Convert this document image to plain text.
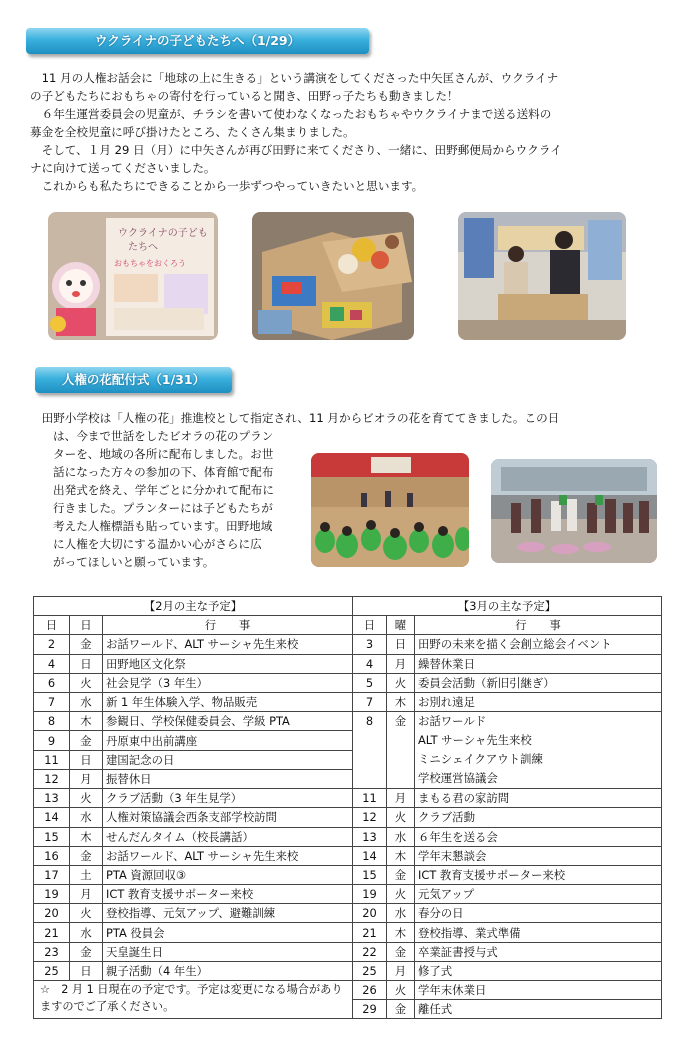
ウクライナの子どもたちへ（1/29）
　11 月の人権お話会に「地球の上に生きる」という講演をしてくださった中矢匡さんが、ウクライナ
の子どもたちにおもちゃの寄付を行っていると聞き、田野っ子たちも動きました！
　６年生運営委員会の児童が、チラシを書いて使わなくなったおもちゃやウクライナまで送る送料の
募金を全校児童に呼び掛けたところ、たくさん集まりました。
　そして、１月 29 日（月）に中矢さんが再び田野に来てくださり、一緒に、田野郵便局からウクライ
ナに向けて送ってくださいました。
　これからも私たちにできることから一歩ずつやっていきたいと思います。
ウクライナの子ども
たちへ
おもちゃをおくろう
人権の花配付式（1/31）
　田野小学校は「人権の花」推進校として指定され、11 月からビオラの花を育ててきました。この日
は、今まで世話をしたビオラの花のプラン
ターを、地域の各所に配布しました。お世
話になった方々の参加の下、体育館で配布
出発式を終え、学年ごとに分かれて配布に
行きました。プランターには子どもたちが
考えた人権標語も貼っています。田野地域
に人権を大切にする温かい心がさらに広
がってほしいと願っています。
【2月の主な予定】			【3月の主な予定】		
日	日	行　　事	日	曜	行　　事
2	金	お話ワールド、ALT サーシャ先生来校	3	日	田野の未来を描く会創立総会イベント
4	日	田野地区文化祭	4	月	繰替休業日
6	火	社会見学（3 年生）	5	火	委員会活動（新旧引継ぎ）
7	水	新 1 年生体験入学、物品販売	7	木	お別れ遠足
8	木	参観日、学校保健委員会、学級 PTA	8	金	お話ワールド
ALT サーシャ先生来校
ミニシェイクアウト訓練
学校運営協議会

9	金	丹原東中出前講座			
11	日	建国記念の日			
12	月	振替休日			
13	火	クラブ活動（3 年生見学）	11	月	まもる君の家訪問
14	水	人権対策協議会西条支部学校訪問	12	火	クラブ活動
15	木	せんだんタイム（校長講話）	13	水	６年生を送る会
16	金	お話ワールド、ALT サーシャ先生来校	14	木	学年末懇談会
17	土	PTA 資源回収③	15	金	ICT 教育支援サポーター来校
19	月	ICT 教育支援サポーター来校	19	火	元気アップ
20	火	登校指導、元気アップ、避難訓練	20	水	春分の日
21	水	PTA 役員会	21	木	登校指導、業式準備
23	金	天皇誕生日	22	金	卒業証書授与式
25	日	親子活動（4 年生）	25	月	修了式
☆　2 月 1 日現在の予定です。予定は変更になる場合がありますのでご了承ください。			26	火	学年末休業日
			29	金	離任式
